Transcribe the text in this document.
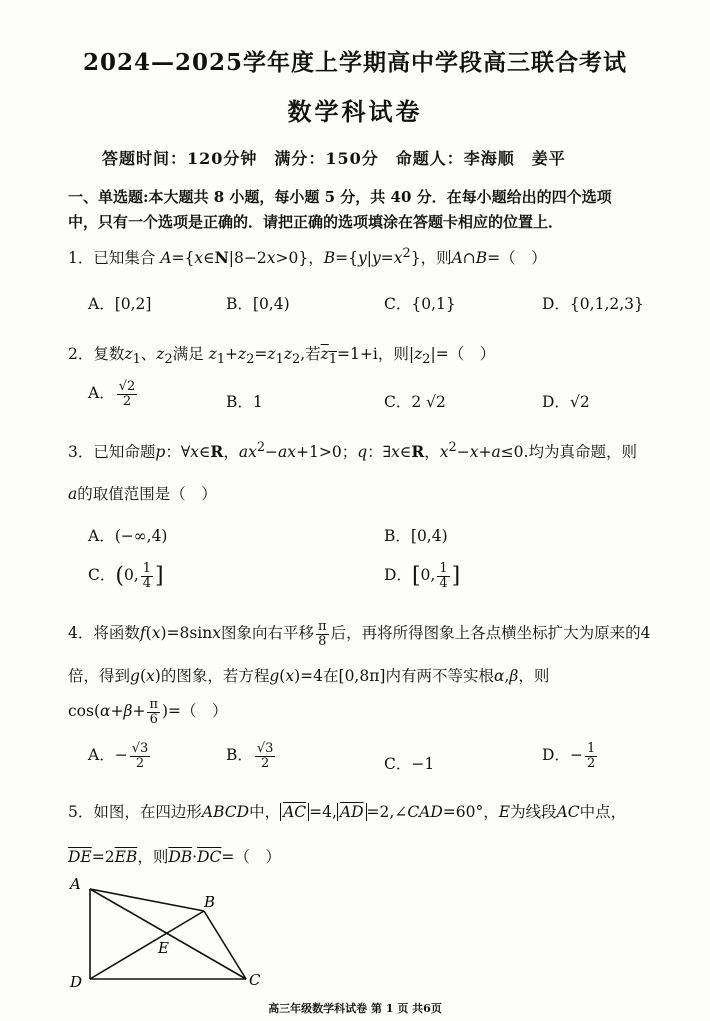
2024—2025学年度上学期高中学段高三联合考试
数学科试卷
答题时间：120分钟　满分：150分　命题人：李海顺　姜平
一、单选题:本大题共 8 小题，每小题 5 分，共 40 分．在每小题给出的四个选项
中，只有一个选项是正确的．请把正确的选项填涂在答题卡相应的位置上．
1．已知集合 A={x∈N|8−2x>0}，$B=\{y|y=x^2\}$，则A∩B=（　）
A．[0,2]	B．[0,4)	C．{0,1}	D．{0,1,2,3}
2．复数$z_1$、$z_2$满足 $z_1+z_2=z_1z_2$,若$z_1=1+i$，则$|z_2|=$（　）
A． $\frac{√2}{2}$	B．1	C．2 √2	D．√2
3．已知命题p：∀x∈R，$ax^2-ax+1>0$；q：∃x∈R，$x^2-x+a\le 0$.均为真命题，则
a的取值范围是（　）
A．(−∞,4)	B．[0,4)
C．(0, $\frac{1}{4}$ ]	D．[0, $\frac{1}{4}$ ]
4．将函数f(x)=8sinx图象向右平移 $\frac{\pi}{8}$ 后，再将所得图象上各点横坐标扩大为原来的4
倍，得到g(x)的图象，若方程g(x)=4在[0,8π]内有两不等实根α,β，则
$\cos(\alpha+\beta+ \frac{\pi}{6}$ )=（　）
A．− $\frac{√3}{2}$	B． $\frac{√3}{2}$	C．−1	D．− $\frac{1}{2}$
5．如图，在四边形ABCD中， $\overline{AC} =4$, $\overline{AD}$ =2,∠CAD=60°，E为线段AC中点，
$\overline{DE}=2\overline{EB}$，则$\overline{DB}\cdot\overline{DC}=$（　）
A
B
C
D
E
高三年级数学科试卷 第 1 页 共6页
